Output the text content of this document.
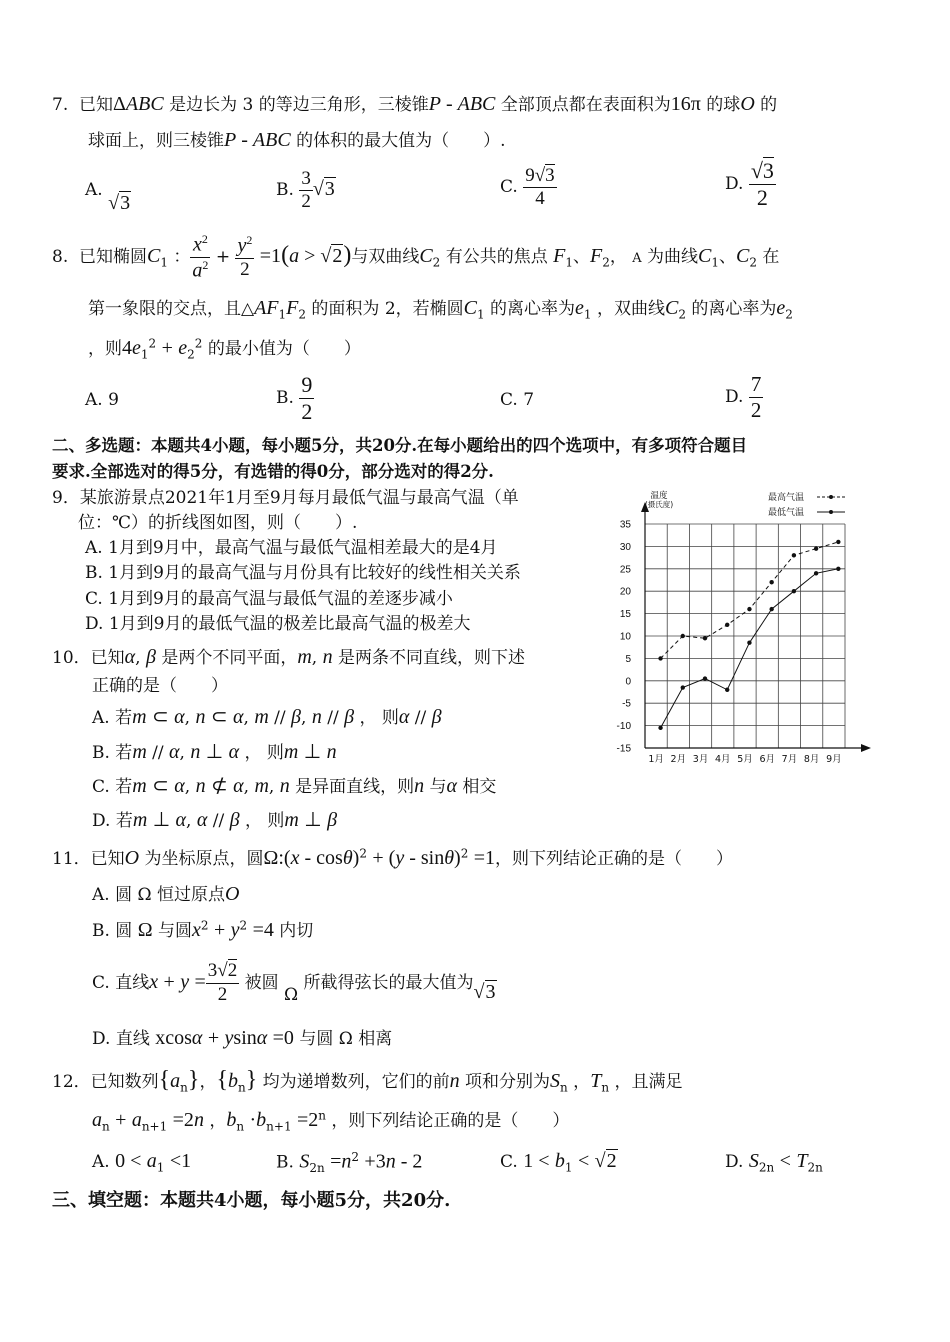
7.  已知ΔABC 是边长为 3 的等边三角形，三棱锥P - ABC 全部顶点都在表面积为16π 的球O 的
球面上，则三棱锥P - ABC 的体积的最大值为（　　）.
A. √3
B. $\frac{3}{2} √3$	C. $\frac{9√3}{4}$	D. $\frac{√3}{2}$
8.  已知椭圆$C_1$ ： $\frac{x^2}{a^2} + \frac{y^2}{2} =1(a > √2)$与双曲线$C_2$ 有公共的焦点 $F_1$、$F_2$， A 为曲线$C_1$、$C_2$ 在
第一象限的交点，且$\triangle AF_1F_2$ 的面积为 2，若椭圆$C_1$ 的离心率为$e_1$ ，双曲线$C_2$ 的离心率为$e_2$
，则$4e_1^2 + e_2^2$ 的最小值为（　　）
A. 9	B. $\frac{9}{2}$	C. 7	D. $\frac{7}{2}$
二、多选题：本题共4小题，每小题5分，共20分.在每小题给出的四个选项中，有多项符合题目
要求.全部选对的得5分，有选错的得0分，部分选对的得2分.
9．某旅游景点2021年1月至9月每月最低气温与最高气温（单
位：℃）的折线图如图，则（　　）.
A. 1月到9月中，最高气温与最低气温相差最大的是4月
B. 1月到9月的最高气温与月份具有比较好的线性相关关系
C. 1月到9月的最高气温与最低气温的差逐步减小
D. 1月到9月的最低气温的极差比最高气温的极差大
-15
-10
-5
0
5
10
15
20
25
30
35
温度
(摄氏度)
1月 2月 3月 4月 5月 6月 7月 8月 9月
最高气温
最低气温
10．已知α, β 是两个不同平面，m, n 是两条不同直线，则下述
正确的是（　　）
A. 若m ⊂ α, n ⊂ α, m // β, n // β ， 则α // β
B. 若m // α, n ⊥ α ， 则m ⊥ n
C. 若m ⊂ α, n ⊄ α, m, n 是异面直线，则n 与α 相交
D. 若m ⊥ α, α // β ， 则m ⊥ β
11．已知O 为坐标原点，圆Ω:(x - cosθ)$^2$ + (y - sinθ)$^2$ =1，则下列结论正确的是（　　）
A. 圆 Ω 恒过原点O
B. 圆 Ω 与圆$x^2 + y^2 =4$ 内切
C. 直线$x + y = \frac{3√2}{2}$ 被圆 Ω 所截得弦长的最大值为√3
D. 直线 xcosα + ysinα =0 与圆 Ω 相离
12．已知数列$\{a_n\}$，$\{b_n\}$ 均为递增数列，它们的前n 项和分别为$S_n$ ，$T_n$ ，且满足
$a_n + a_{n+1} =2n$ ，$b_n \cdot b_{n+1} =2^n$ ，则下列结论正确的是（　　）
A. $0 < a_1 <1$	B. $S_{2n} =n^2 +3n - 2$	C. $1 < b_1 < √2$	D. $S_{2n} < T_{2n}$
三、填空题：本题共4小题，每小题5分，共20分.
